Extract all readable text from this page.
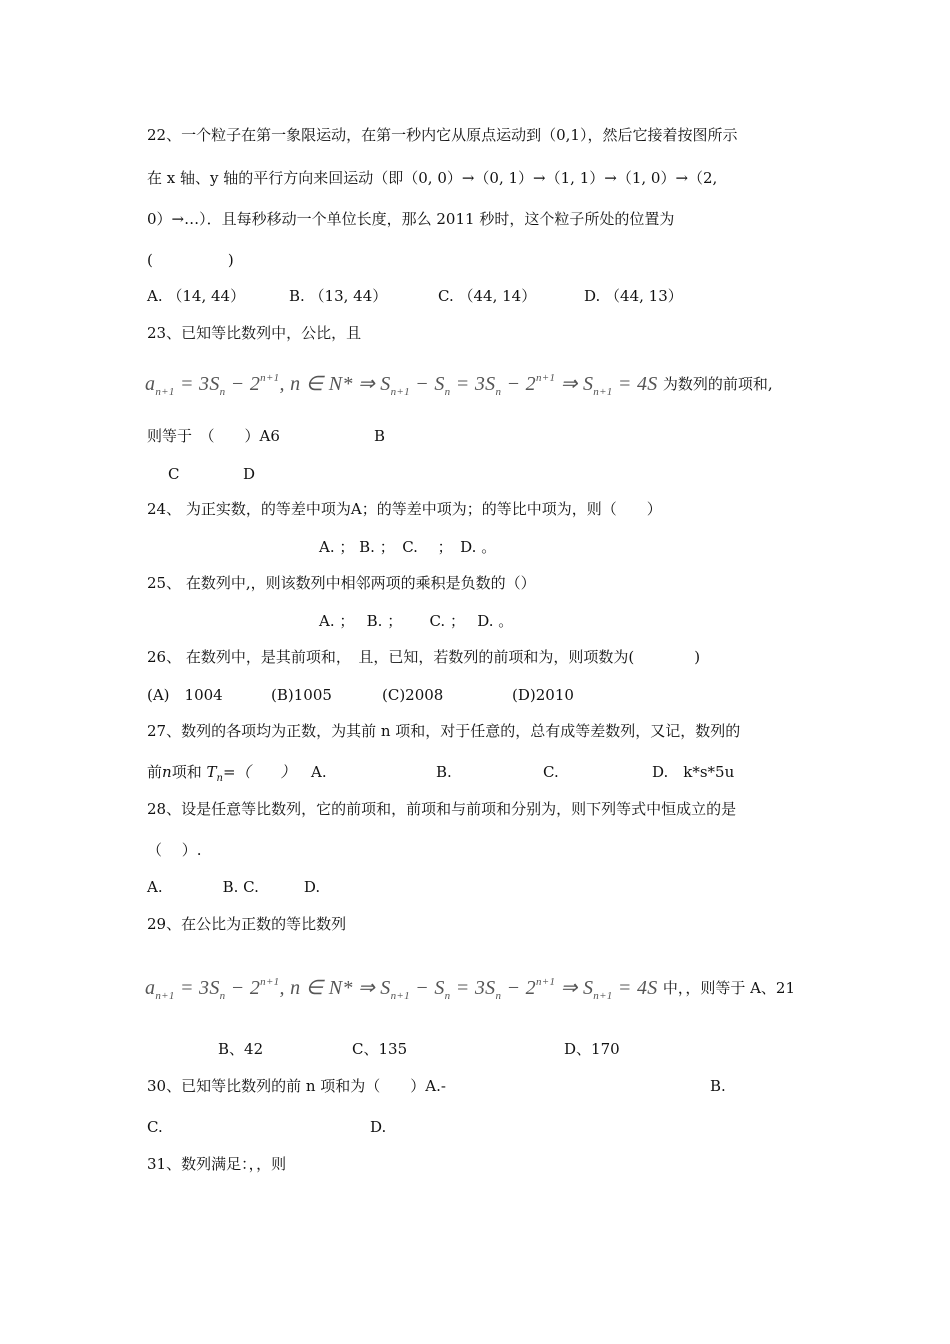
22、一个粒子在第一象限运动，在第一秒内它从原点运动到（0,1），然后它接着按图所示
在 x 轴、y 轴的平行方向来回运动（即（0, 0）→（0, 1）→（1, 1）→（1, 0）→（2,
0）→…）．且每秒移动一个单位长度，那么 2011 秒时，这个粒子所处的位置为
(　　　　　)
A. （14, 44）	B. （13, 44）	C. （44, 14）	D. （44, 13）
23、已知等比数列中，公比，且
$a_{n+1} = 3S_n - 2^{n+1}$, n ∈ N* ⇒ $S_{n+1} - S_n = 3S_n - 2^{n+1}$ ⇒ $S_{n+1} = 4S$ 为数列的前项和,
则等于　（　　）A6	B
C	D
24、 为正实数，的等差中项为A；的等差中项为；的等比中项为，则（　　）
A. ； B. ；　C. 　；　D. 。
25、 在数列中,，则该数列中相邻两项的乘积是负数的（）
A. ；　 B. ；　　 C. ；　 D. 。
26、 在数列中，是其前项和，　且，已知，若数列的前项和为，则项数为(　　　　)
(A)　1004	(B)1005	(C)2008	(D)2010
27、数列的各项均为正数，为其前 n 项和，对于任意的，总有成等差数列，又记，数列的
前n项和 $T_n=$（　　） A.	B.	C.	D.　k*s*5u
28、设是任意等比数列，它的前项和，前项和与前项和分别为，则下列等式中恒成立的是
（　 ）.
A.　　　　B. C.　　　D.
29、在公比为正数的等比数列
$a_{n+1} = 3S_n - 2^{n+1}$, n ∈ N* ⇒ $S_{n+1} - S_n = 3S_n - 2^{n+1}$ ⇒ $S_{n+1} = 4S$ 中，，则等于 A、21
B、42	C、135	D、170
30、已知等比数列的前 n 项和为（　　）A.-	B.
C.	D.
31、数列满足：，，则
